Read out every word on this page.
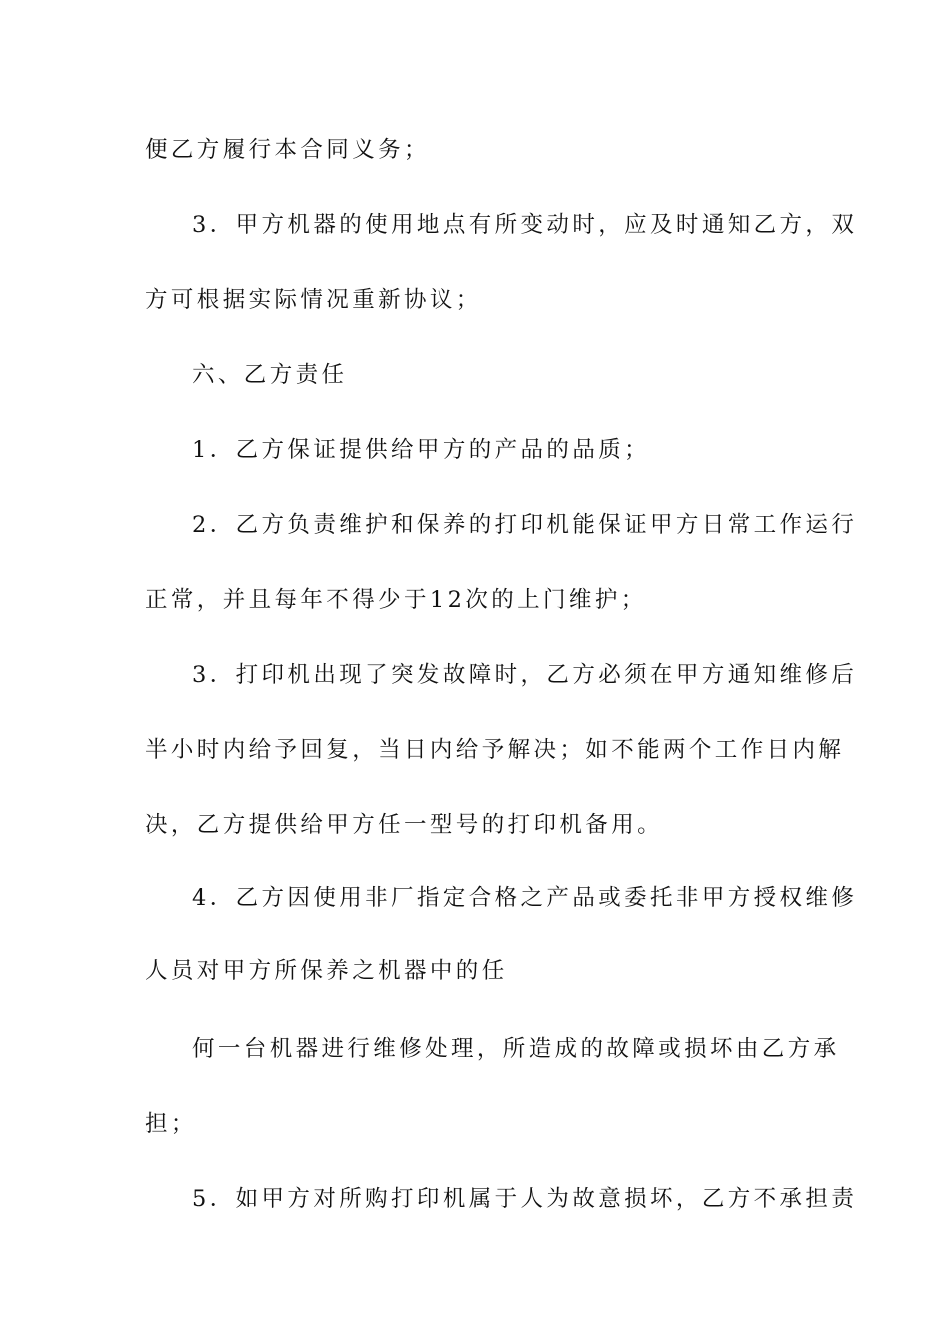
便乙方履行本合同义务；
3．甲方机器的使用地点有所变动时，应及时通知乙方，双
方可根据实际情况重新协议；
六、乙方责任
1．乙方保证提供给甲方的产品的品质；
2．乙方负责维护和保养的打印机能保证甲方日常工作运行
正常，并且每年不得少于12次的上门维护；
3．打印机出现了突发故障时，乙方必须在甲方通知维修后
半小时内给予回复，当日内给予解决；如不能两个工作日内解
决，乙方提供给甲方任一型号的打印机备用。
4．乙方因使用非厂指定合格之产品或委托非甲方授权维修
人员对甲方所保养之机器中的任
何一台机器进行维修处理，所造成的故障或损坏由乙方承
担；
5．如甲方对所购打印机属于人为故意损坏，乙方不承担责
